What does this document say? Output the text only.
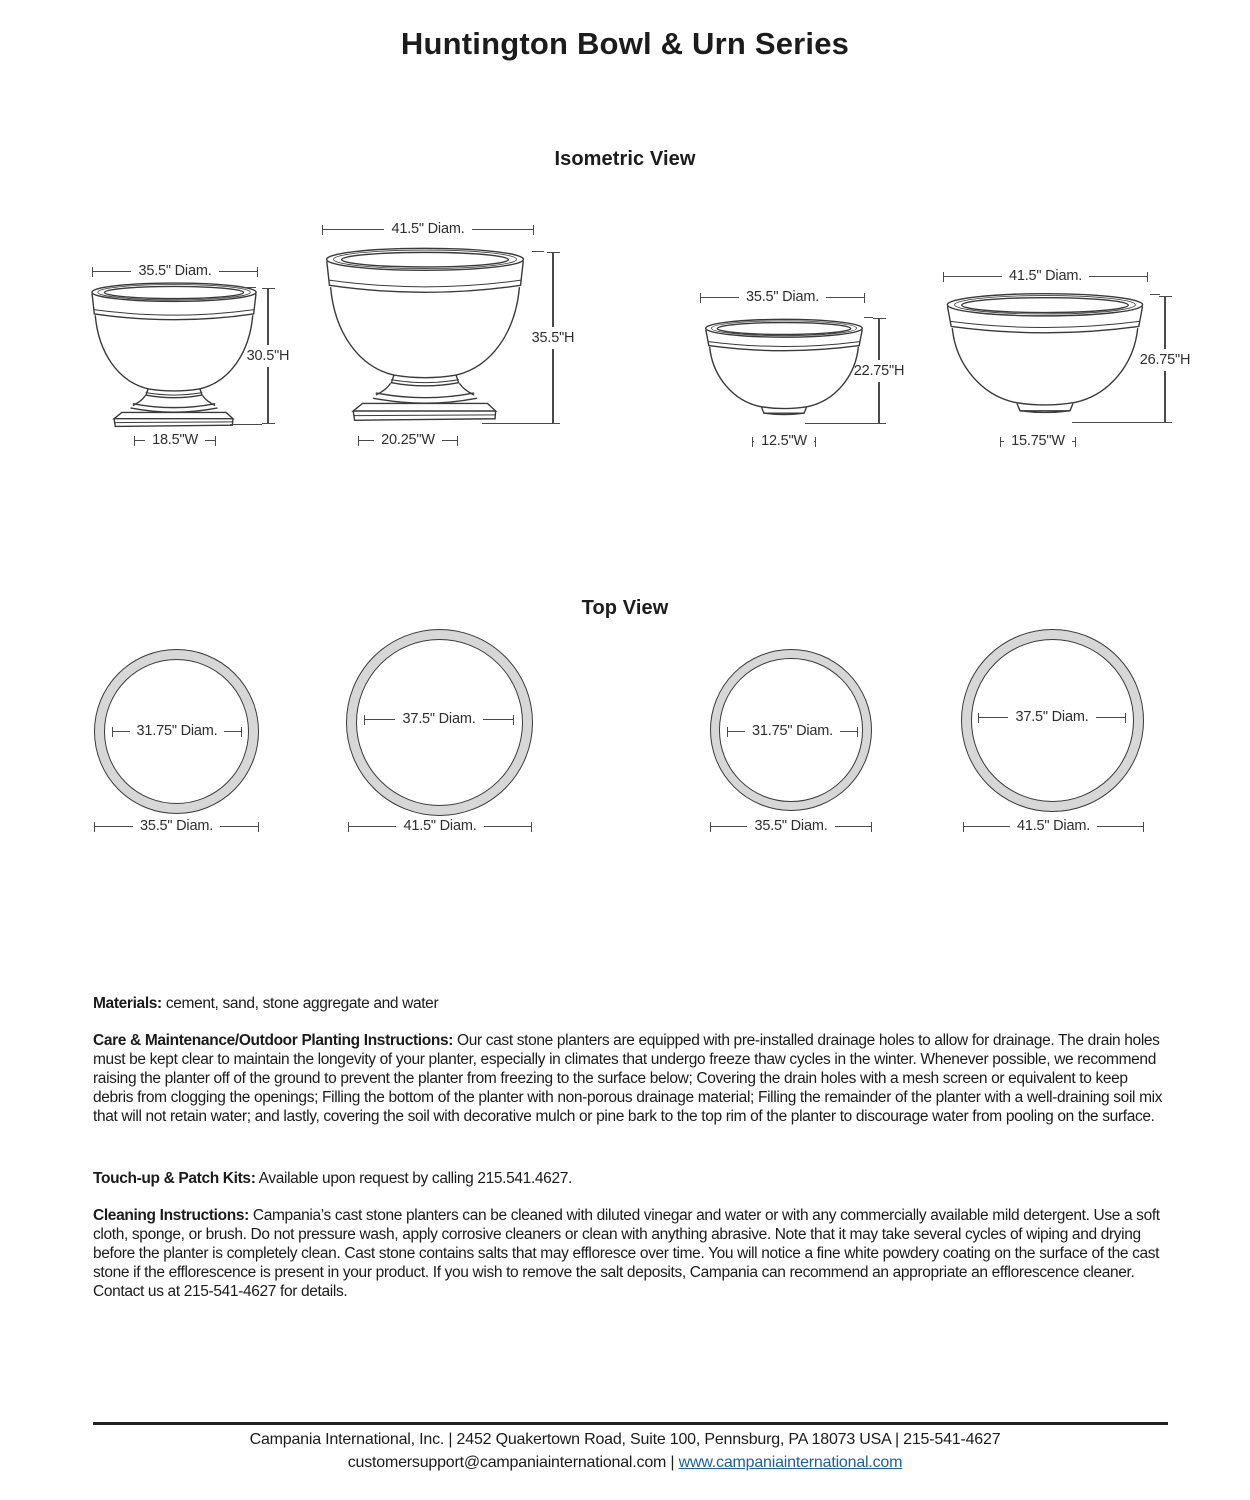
Huntington Bowl & Urn Series
Isometric View
35.5" Diam.
30.5"H
18.5"W
41.5" Diam.
35.5"H
20.25"W
35.5" Diam.
22.75"H
12.5"W
41.5" Diam.
26.75"H
15.75"W
Top View
31.75" Diam.
37.5" Diam.
31.75" Diam.
37.5" Diam.
35.5" Diam.	41.5" Diam.	35.5" Diam.	41.5" Diam.

Materials: cement, sand, stone aggregate and water

Care & Maintenance/Outdoor Planting Instructions: Our cast stone planters are equipped with pre-installed drainage holes to allow for drainage. The drain holes must be kept clear to maintain the longevity of your planter, especially in climates that undergo freeze thaw cycles in the winter. Whenever possible, we recommend raising the planter off of the ground to prevent the planter from freezing to the surface below; Covering the drain holes with a mesh screen or equivalent to keep debris from clogging the openings; Filling the bottom of the planter with non-porous drainage material; Filling the remainder of the planter with a well-draining soil mix that will not retain water; and lastly, covering the soil with decorative mulch or pine bark to the top rim of the planter to discourage water from pooling on the surface.

Touch-up & Patch Kits: Available upon request by calling 215.541.4627.

Cleaning Instructions: Campania’s cast stone planters can be cleaned with diluted vinegar and water or with any commercially available mild detergent. Use a soft cloth, sponge, or brush. Do not pressure wash, apply corrosive cleaners or clean with anything abrasive. Note that it may take several cycles of wiping and drying before the planter is completely clean. Cast stone contains salts that may effloresce over time. You will notice a fine white powdery coating on the surface of the cast stone if the efflorescence is present in your product. If you wish to remove the salt deposits, Campania can recommend an appropriate an efflorescence cleaner. Contact us at 215-541-4627 for details.

Campania International, Inc. | 2452 Quakertown Road, Suite 100, Pennsburg, PA 18073 USA | 215-541-4627
customersupport@campaniainternational.com | www.campaniainternational.com
